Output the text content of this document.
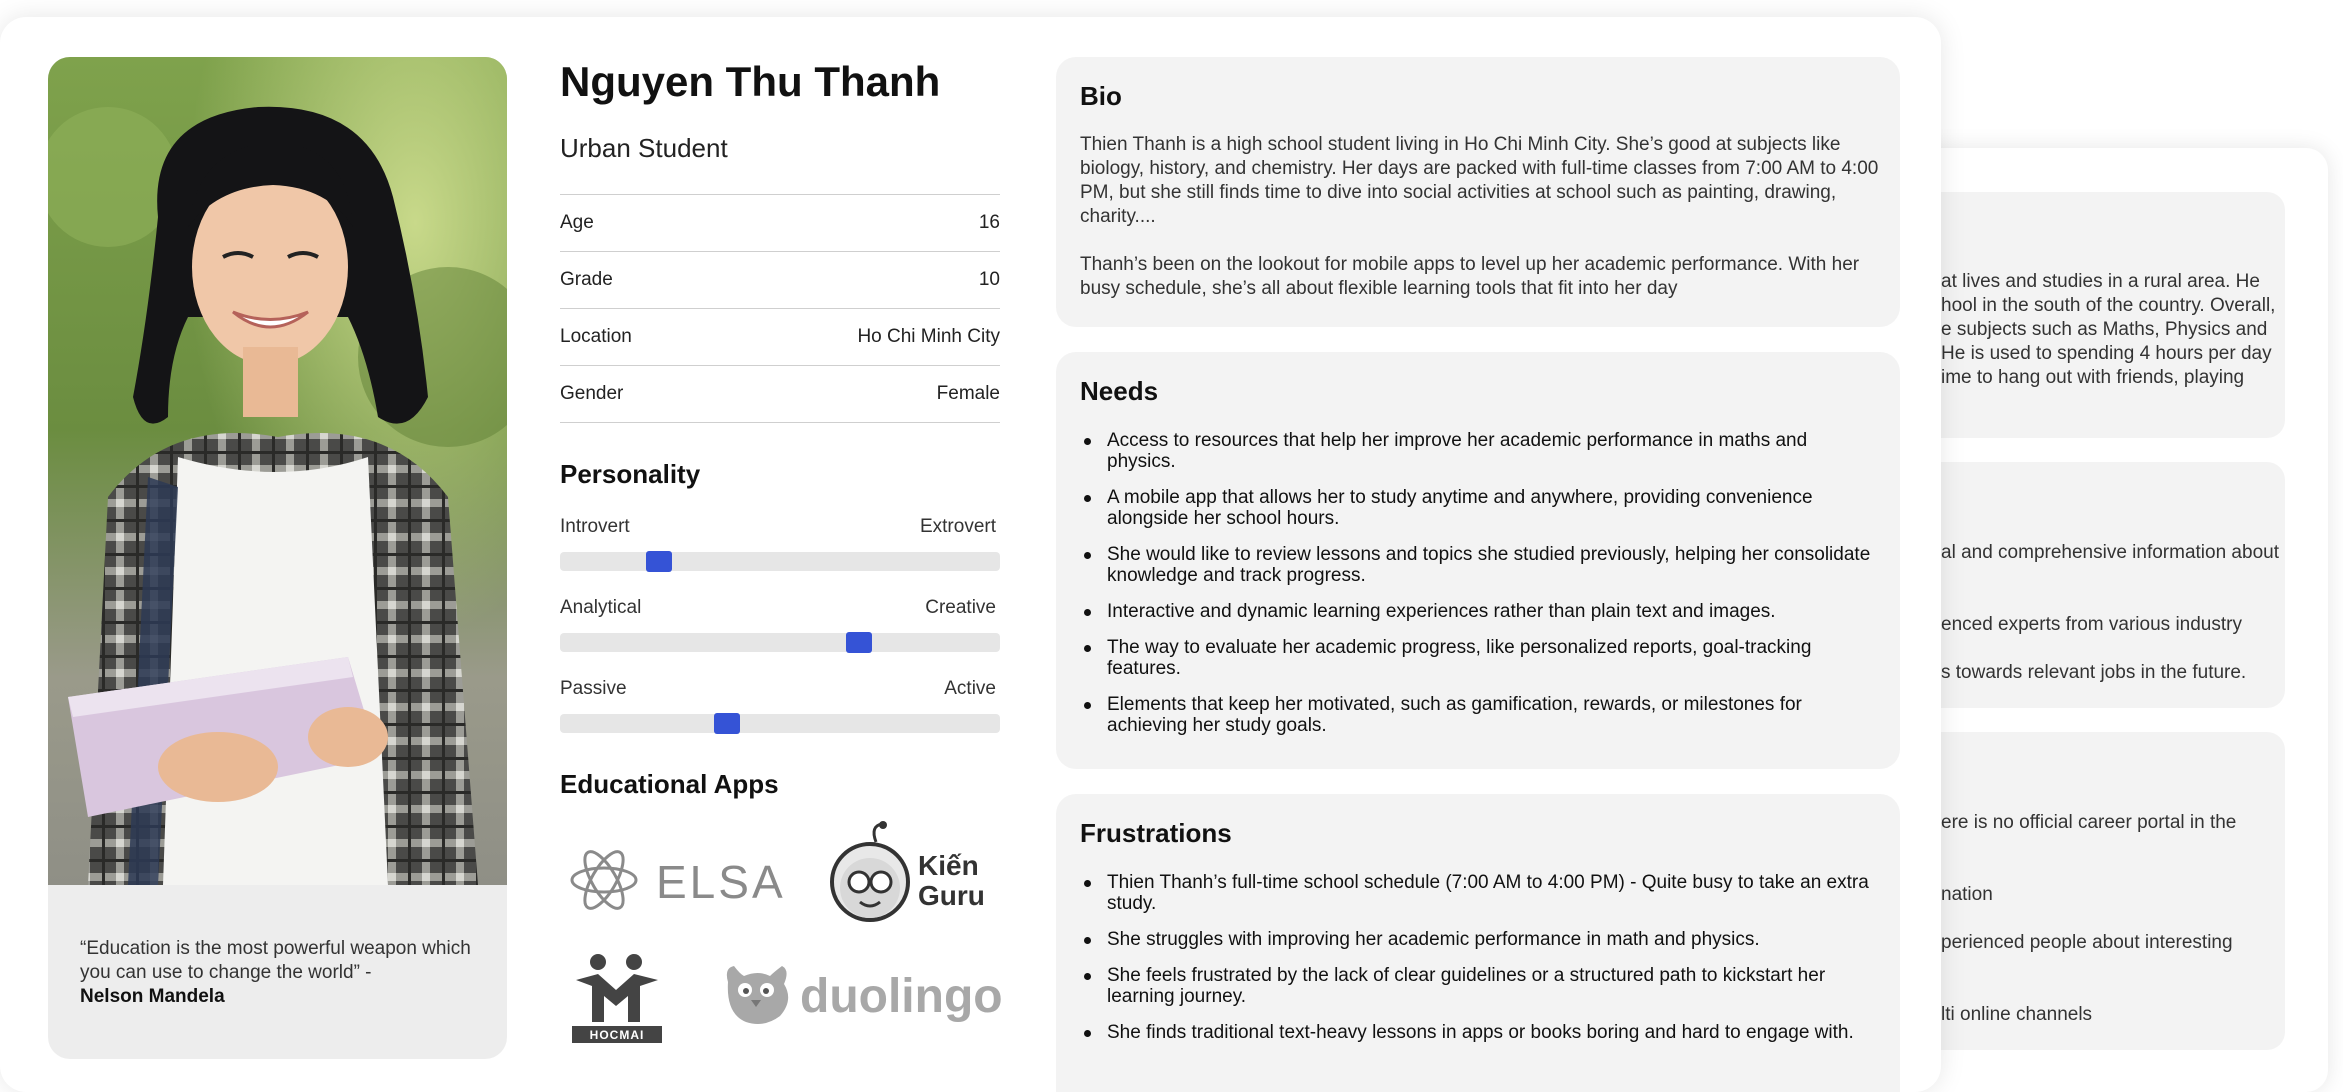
at lives and studies in a rural area. He
hool in the south of the country. Overall,
e subjects such as Maths, Physics and
He is used to spending 4 hours per day
ime to hang out with friends, playing
al and comprehensive information about
enced experts from various industry
s towards relevant jobs in the future.
ere is no official career portal in the
nation
perienced people about interesting
lti online channels
“Education is the most powerful weapon which you can use to change the world” -
Nelson Mandela
Nguyen Thu Thanh
Urban Student
Age	16
Grade	10
Location	Ho Chi Minh City
Gender	Female
Personality
Introvert	Extrovert
Analytical	Creative
Passive	Active
Educational Apps
ELSA	Kiến
Guru
HOCMAI
duolingo
Bio

Thien Thanh is a high school student living in Ho Chi Minh City. She’s good at subjects like biology, history, and chemistry. Her days are packed with full-time classes from 7:00 AM to 4:00 PM, but she still finds time to dive into social activities at school such as painting, drawing, charity....

Thanh’s been on the lookout for mobile apps to level up her academic performance. With her busy schedule, she’s all about flexible learning tools that fit into her day

Needs
Access to resources that help her improve her academic performance in maths and physics.
A mobile app that allows her to study anytime and anywhere, providing convenience alongside her school hours.
She would like to review lessons and topics she studied previously, helping her consolidate knowledge and track progress.
Interactive and dynamic learning experiences rather than plain text and images.
The way to evaluate her academic progress, like personalized reports, goal-tracking features.
Elements that keep her motivated, such as gamification, rewards, or milestones for achieving her study goals.
Frustrations
Thien Thanh’s full-time school schedule (7:00 AM to 4:00 PM) - Quite busy to take an extra study.
She struggles with improving her academic performance in math and physics.
She feels frustrated by the lack of clear guidelines or a structured path to kickstart her learning journey.
She finds traditional text-heavy lessons in apps or books boring and hard to engage with.
